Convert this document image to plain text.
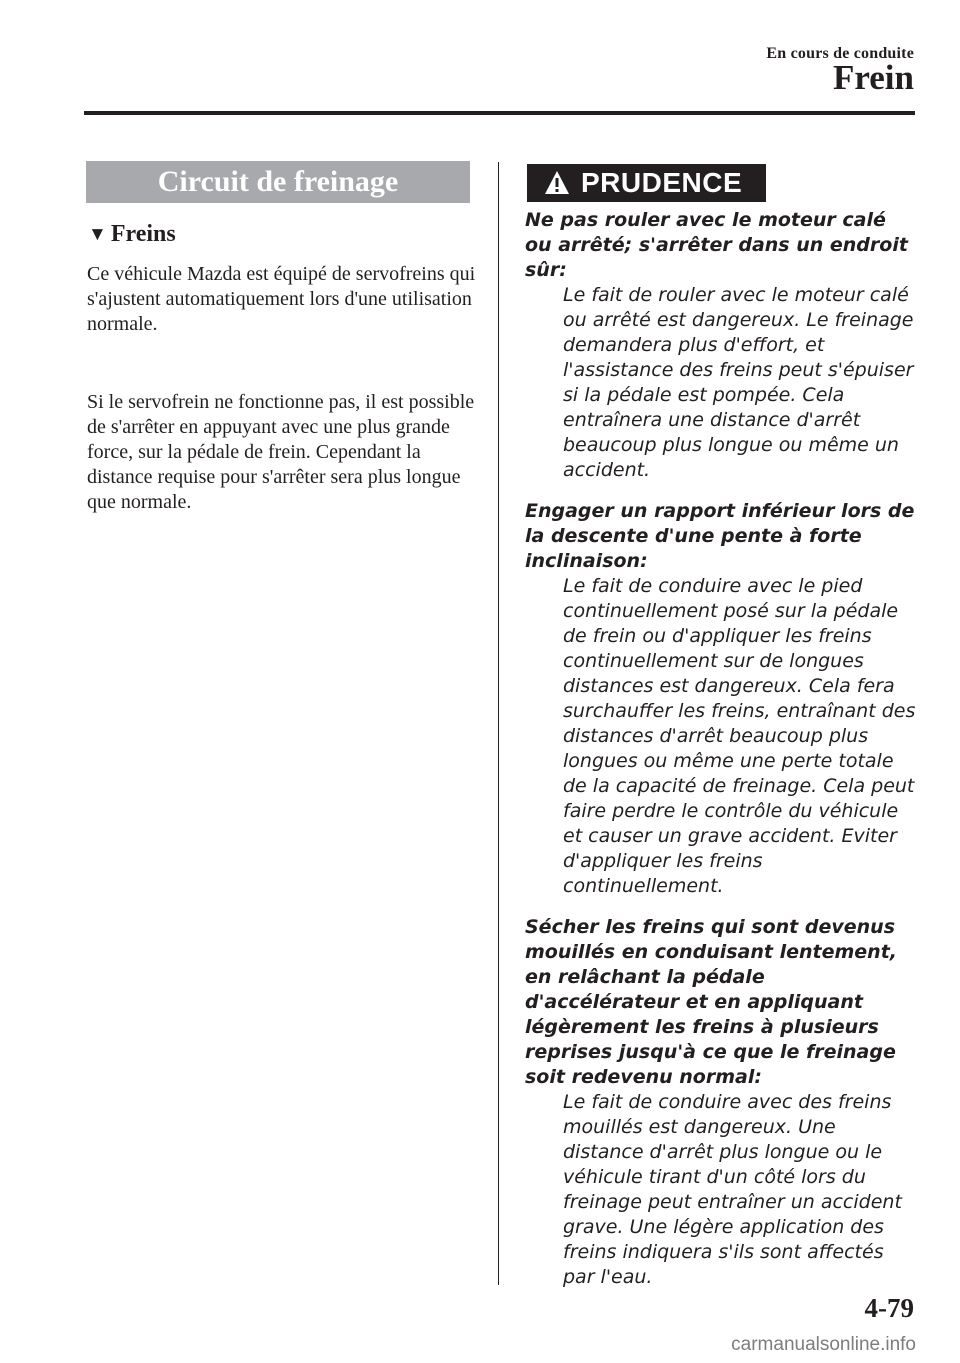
En cours de conduite
Frein
Circuit de freinage
▼ Freins

Ce véhicule Mazda est équipé de servofreins qui s'ajustent automatiquement lors d'une utilisation normale.

Si le servofrein ne fonctionne pas, il est possible de s'arrêter en appuyant avec une plus grande force, sur la pédale de frein. Cependant la distance requise pour s'arrêter sera plus longue que normale.

PRUDENCE

Ne pas rouler avec le moteur calé ou arrêté; s'arrêter dans un endroit sûr:

Le fait de rouler avec le moteur calé ou arrêté est dangereux. Le freinage demandera plus d'effort, et l'assistance des freins peut s'épuiser si la pédale est pompée. Cela entraînera une distance d'arrêt beaucoup plus longue ou même un accident.

Engager un rapport inférieur lors de la descente d'une pente à forte inclinaison:

Le fait de conduire avec le pied continuellement posé sur la pédale de frein ou d'appliquer les freins continuellement sur de longues distances est dangereux. Cela fera surchauffer les freins, entraînant des distances d'arrêt beaucoup plus longues ou même une perte totale de la capacité de freinage. Cela peut faire perdre le contrôle du véhicule et causer un grave accident. Eviter d'appliquer les freins continuellement.

Sécher les freins qui sont devenus mouillés en conduisant lentement, en relâchant la pédale d'accélérateur et en appliquant légèrement les freins à plusieurs reprises jusqu'à ce que le freinage soit redevenu normal:

Le fait de conduire avec des freins mouillés est dangereux. Une distance d'arrêt plus longue ou le véhicule tirant d'un côté lors du freinage peut entraîner un accident grave. Une légère application des freins indiquera s'ils sont affectés par l'eau.

4-79
carmanualsonline.info
